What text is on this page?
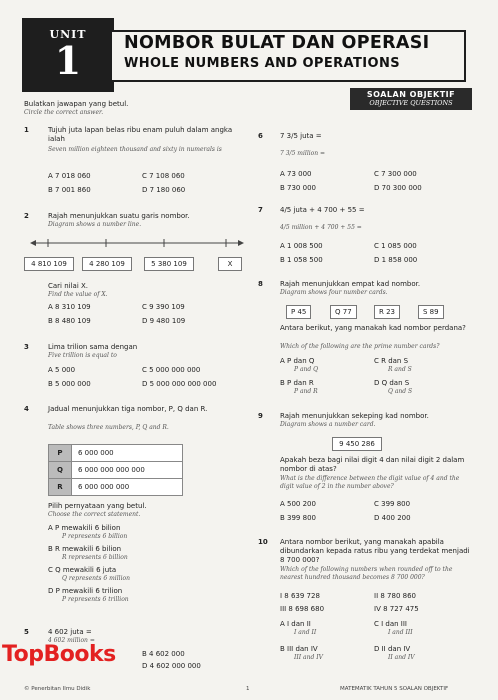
UNIT
1	NOMBOR BULAT DAN OPERASI
WHOLE NUMBERS AND OPERATIONS
SOALAN OBJEKTIF
OBJECTIVE QUESTIONS
Bulatkan jawapan yang betul.
Circle the correct answer.
1	Tujuh juta lapan belas ribu enam puluh dalam angka ialah
Seven million eighteen thousand and sixty in numerals is
A 7 018 060	C 7 108 060
B 7 001 860	D 7 180 060
2	Rajah menunjukkan suatu garis nombor.
Diagram shows a number line.
4 810 109	4 280 109	5 380 109	X
Cari nilai X.
Find the value of X.
A 8 310 109	C 9 390 109
B 8 480 109	D 9 480 109
3	Lima trilion sama dengan
Five trillion is equal to
A 5 000	C 5 000 000 000
B 5 000 000	D 5 000 000 000 000
4	Jadual menunjukkan tiga nombor, P, Q dan R.
Table shows three numbers, P, Q and R.
P	6 000 000
Q	6 000 000 000 000
R	6 000 000 000
Pilih pernyataan yang betul.
Choose the correct statement.
A P mewakili 6 bilion
P represents 6 billion
B R mewakili 6 bilion
R represents 6 billion
C Q mewakili 6 juta
Q represents 6 million
D P mewakili 6 trilion
P represents 6 trillion
5	4 602 juta =
4 602 million =
B 4 602 000
D 4 602 000 000
TopBooks
6 7 3/5 juta =
7 3/5 million =
A 73 000	C 7 300 000
B 730 000	D 70 300 000
7 4/5 juta + 4 700 + 55 =
4/5 million + 4 700 + 55 =
A 1 008 500	C 1 085 000
B 1 058 500	D 1 858 000
8 Rajah menunjukkan empat kad nombor.
Diagram shows four number cards.
P 45	Q 77	R 23	S 89
Antara berikut, yang manakah kad nombor perdana?
Which of the following are the prime number cards?
A P dan Q
P and Q
C R dan S
R and S
B P dan R
P and R
D Q dan S
Q and S
9 Rajah menunjukkan sekeping kad nombor.
Diagram shows a number card.
9 450 286
Apakah beza bagi nilai digit 4 dan nilai digit 2 dalam nombor di atas?
What is the difference between the digit value of 4 and the digit value of 2 in the number above?
A 500 200	C 399 800
B 399 800	D 400 200
10 Antara nombor berikut, yang manakah apabila dibundarkan kepada ratus ribu yang terdekat menjadi 8 700 000?
Which of the following numbers when rounded off to the nearest hundred thousand becomes 8 700 000?
I 8 639 728	II 8 780 860
III 8 698 680	IV 8 727 475
A I dan II
I and II
C I dan III
I and III
B III dan IV
III and IV
D II dan IV
II and IV
© Penerbitan Ilmu Didik	1	MATEMATIK TAHUN 5 SOALAN OBJEKTIF
